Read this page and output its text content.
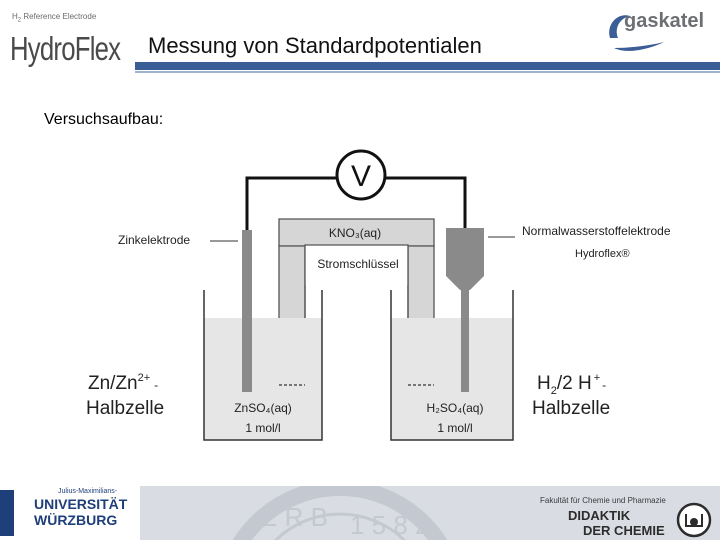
$H_2$ Reference Electrode
HydroFlex Messung von Standardpotentialen
gaskatel
Versuchsaufbau:
V
KNO₃(aq)
Stromschlüssel
Zinkelektrode
Normalwasserstoffelektrode
Hydroflex®
$Zn/Zn^{2+}$ $_-$
Halbzelle
$H_2/2$ H + $_-$
Halbzelle
ZnSO₄(aq)
1 mol/l
H₂SO₄(aq)
1 mol/l
E R B 1 5 8 2
Julius-Maximilians-
UNIVERSITÄT
WÜRZBURG
Fakultät für Chemie und Pharmazie
DIDAKTIK
DER CHEMIE
